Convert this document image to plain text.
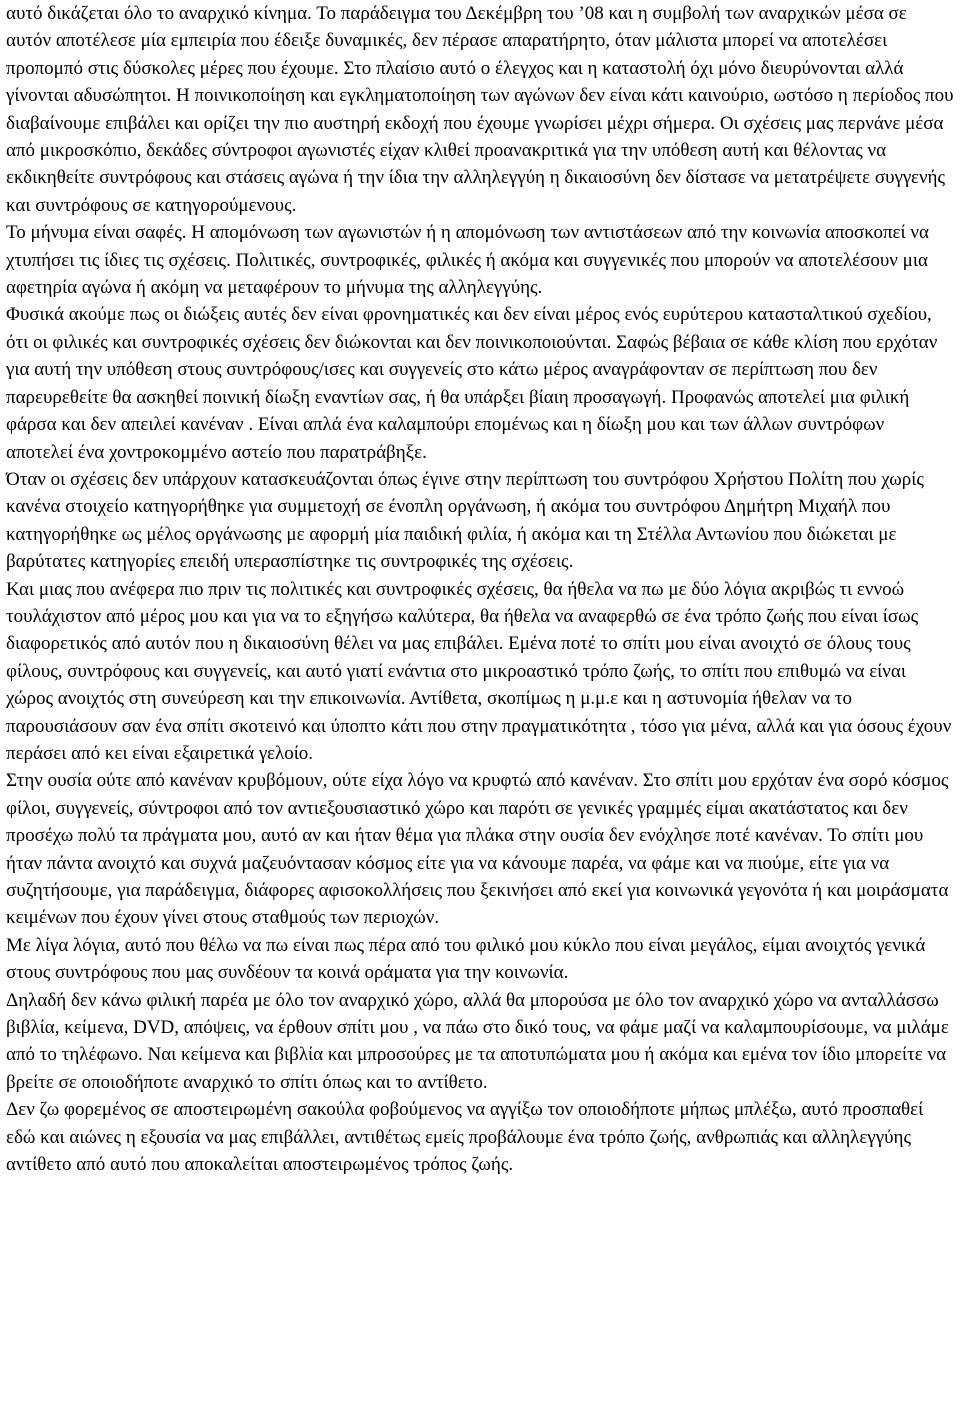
αυτό δικάζεται όλο το αναρχικό κίνημα. Το παράδειγμα του Δεκέμβρη του ’08 και η συμβολή των αναρχικών μέσα σε αυτόν αποτέλεσε μία εμπειρία που έδειξε δυναμικές, δεν πέρασε απαρατήρητο, όταν μάλιστα μπορεί να αποτελέσει προπομπό στις δύσκολες μέρες που έχουμε. Στο πλαίσιο αυτό ο έλεγχος και η καταστολή όχι μόνο διευρύνονται αλλά γίνονται αδυσώπητοι. Η ποινικοποίηση και εγκληματοποίηση των αγώνων δεν είναι κάτι καινούριο, ωστόσο η περίοδος που διαβαίνουμε επιβάλει και ορίζει την πιο αυστηρή εκδοχή που έχουμε γνωρίσει μέχρι σήμερα. Οι σχέσεις μας περνάνε μέσα από μικροσκόπιο, δεκάδες σύντροφοι αγωνιστές είχαν κλιθεί προανακριτικά για την υπόθεση αυτή και θέλοντας να εκδικηθείτε συντρόφους και στάσεις αγώνα ή την ίδια την αλληλεγγύη η δικαιοσύνη δεν δίστασε να μετατρέψετε συγγενής και συντρόφους σε κατηγορούμενους.

Το μήνυμα είναι σαφές. Η απομόνωση των αγωνιστών ή η απομόνωση των αντιστάσεων από την κοινωνία αποσκοπεί να χτυπήσει τις ίδιες τις σχέσεις. Πολιτικές, συντροφικές, φιλικές ή ακόμα και συγγενικές που μπορούν να αποτελέσουν μια αφετηρία αγώνα ή ακόμη να μεταφέρουν το μήνυμα της αλληλεγγύης.

Φυσικά ακούμε πως οι διώξεις αυτές δεν είναι φρονηματικές και δεν είναι μέρος ενός ευρύτερου κατασταλτικού σχεδίου, ότι οι φιλικές και συντροφικές σχέσεις δεν διώκονται και δεν ποινικοποιούνται. Σαφώς βέβαια σε κάθε κλίση που ερχόταν για αυτή την υπόθεση στους συντρόφους/ισες και συγγενείς στο κάτω μέρος αναγράφονταν σε περίπτωση που δεν παρευρεθείτε θα ασκηθεί ποινική δίωξη εναντίων σας, ή θα υπάρξει βίαιη προσαγωγή. Προφανώς αποτελεί μια φιλική φάρσα και δεν απειλεί κανέναν . Είναι απλά ένα καλαμπούρι επομένως και η δίωξη μου και των άλλων συντρόφων αποτελεί ένα χοντροκομμένο αστείο που παρατράβηξε.

Όταν οι σχέσεις δεν υπάρχουν κατασκευάζονται όπως έγινε στην περίπτωση του συντρόφου Χρήστου Πολίτη που χωρίς κανένα στοιχείο κατηγορήθηκε για συμμετοχή σε ένοπλη οργάνωση, ή ακόμα του συντρόφου Δημήτρη Μιχαήλ που κατηγορήθηκε ως μέλος οργάνωσης με αφορμή μία παιδική φιλία, ή ακόμα και τη Στέλλα Αντωνίου που διώκεται με βαρύτατες κατηγορίες επειδή υπερασπίστηκε τις συντροφικές της σχέσεις.

Και μιας που ανέφερα πιο πριν τις πολιτικές και συντροφικές σχέσεις, θα ήθελα να πω με δύο λόγια ακριβώς τι εννοώ τουλάχιστον από μέρος μου και για να το εξηγήσω καλύτερα, θα ήθελα να αναφερθώ σε ένα τρόπο ζωής που είναι ίσως διαφορετικός από αυτόν που η δικαιοσύνη θέλει να μας επιβάλει. Εμένα ποτέ το σπίτι μου είναι ανοιχτό σε όλους τους φίλους, συντρόφους και συγγενείς, και αυτό γιατί ενάντια στο μικροαστικό τρόπο ζωής, το σπίτι που επιθυμώ να είναι χώρος ανοιχτός στη συνεύρεση και την επικοινωνία. Αντίθετα, σκοπίμως η μ.μ.ε και η αστυνομία ήθελαν να το παρουσιάσουν σαν ένα σπίτι σκοτεινό και ύποπτο κάτι που στην πραγματικότητα , τόσο για μένα, αλλά και για όσους έχουν περάσει από κει είναι εξαιρετικά γελοίο.

Στην ουσία ούτε από κανέναν κρυβόμουν, ούτε είχα λόγο να κρυφτώ από κανέναν. Στο σπίτι μου ερχόταν ένα σορό κόσμος φίλοι, συγγενείς, σύντροφοι από τον αντιεξουσιαστικό χώρο και παρότι σε γενικές γραμμές είμαι ακατάστατος και δεν προσέχω πολύ τα πράγματα μου, αυτό αν και ήταν θέμα για πλάκα στην ουσία δεν ενόχλησε ποτέ κανέναν. Το σπίτι μου ήταν πάντα ανοιχτό και συχνά μαζευόντασαν κόσμος είτε για να κάνουμε παρέα, να φάμε και να πιούμε, είτε για να συζητήσουμε, για παράδειγμα, διάφορες αφισοκολλήσεις που ξεκινήσει από εκεί για κοινωνικά γεγονότα ή και μοιράσματα κειμένων που έχουν γίνει στους σταθμούς των περιοχών.

Με λίγα λόγια, αυτό που θέλω να πω είναι πως πέρα από του φιλικό μου κύκλο που είναι μεγάλος, είμαι ανοιχτός γενικά στους συντρόφους που μας συνδέουν τα κοινά οράματα για την κοινωνία.

Δηλαδή δεν κάνω φιλική παρέα με όλο τον αναρχικό χώρο, αλλά θα μπορούσα με όλο τον αναρχικό χώρο να ανταλλάσσω βιβλία, κείμενα, DVD, απόψεις, να έρθουν σπίτι μου , να πάω στο δικό τους, να φάμε μαζί να καλαμπουρίσουμε, να μιλάμε από το τηλέφωνο. Ναι κείμενα και βιβλία και μπροσούρες με τα αποτυπώματα μου ή ακόμα και εμένα τον ίδιο μπορείτε να βρείτε σε οποιοδήποτε αναρχικό το σπίτι όπως και το αντίθετο.

Δεν ζω φορεμένος σε αποστειρωμένη σακούλα φοβούμενος να αγγίξω τον οποιοδήποτε μήπως μπλέξω, αυτό προσπαθεί εδώ και αιώνες η εξουσία να μας επιβάλλει, αντιθέτως εμείς προβάλουμε ένα τρόπο ζωής, ανθρωπιάς και αλληλεγγύης αντίθετο από αυτό που αποκαλείται αποστειρωμένος τρόπος ζωής.
